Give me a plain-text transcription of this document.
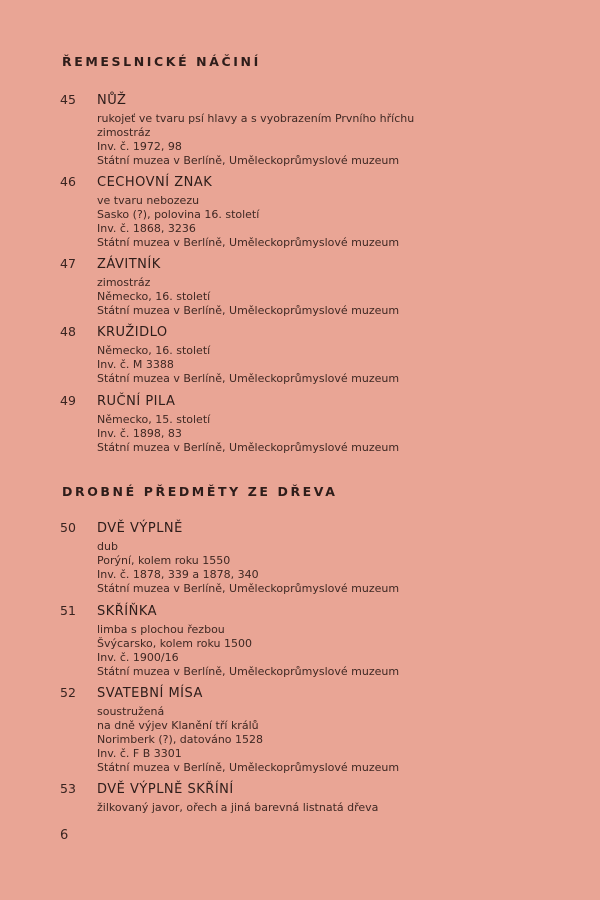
ŘEMESLNICKÉ NÁČINÍ
45	NŮŽ
rukojeť ve tvaru psí hlavy a s vyobrazením Prvního hříchu
zimostráz
Inv. č. 1972, 98
Státní muzea v Berlíně, Uměleckoprůmyslové muzeum
46	CECHOVNÍ ZNAK
ve tvaru nebozezu
Sasko (?), polovina 16. století
Inv. č. 1868, 3236
Státní muzea v Berlíně, Uměleckoprůmyslové muzeum
47	ZÁVITNÍK
zimostráz
Německo, 16. století
Státní muzea v Berlíně, Uměleckoprůmyslové muzeum
48	KRUŽIDLO
Německo, 16. století
Inv. č. M 3388
Státní muzea v Berlíně, Uměleckoprůmyslové muzeum
49	RUČNÍ PILA
Německo, 15. století
Inv. č. 1898, 83
Státní muzea v Berlíně, Uměleckoprůmyslové muzeum
DROBNÉ PŘEDMĚTY ZE DŘEVA
50	DVĚ VÝPLNĚ
dub
Porýní, kolem roku 1550
Inv. č. 1878, 339 a 1878, 340
Státní muzea v Berlíně, Uměleckoprůmyslové muzeum
51	SKŘÍŇKA
limba s plochou řezbou
Švýcarsko, kolem roku 1500
Inv. č. 1900/16
Státní muzea v Berlíně, Uměleckoprůmyslové muzeum
52	SVATEBNÍ MÍSA
soustružená
na dně výjev Klanění tří králů
Norimberk (?), datováno 1528
Inv. č. F B 3301
Státní muzea v Berlíně, Uměleckoprůmyslové muzeum
53	DVĚ VÝPLNĚ SKŘÍNÍ
žilkovaný javor, ořech a jiná barevná listnatá dřeva
6
